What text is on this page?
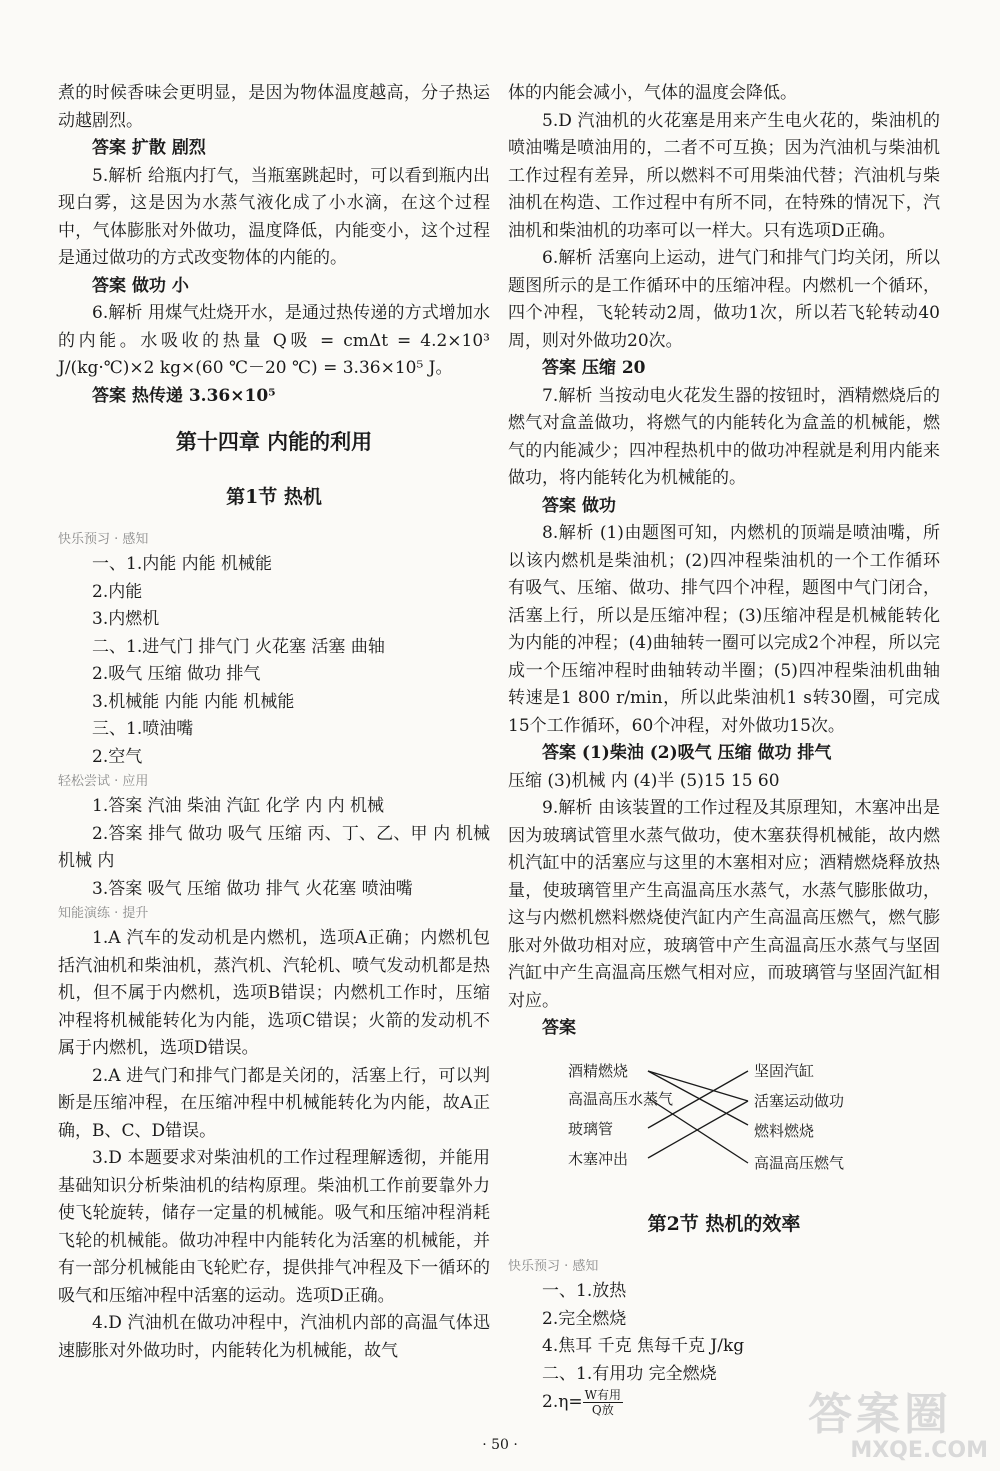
煮的时候香味会更明显，是因为物体温度越高，分子热运动越剧烈。

答案 扩散 剧烈

5.解析 给瓶内打气，当瓶塞跳起时，可以看到瓶内出现白雾，这是因为水蒸气液化成了小水滴，在这个过程中，气体膨胀对外做功，温度降低，内能变小，这个过程是通过做功的方式改变物体的内能的。

答案 做功 小

6.解析 用煤气灶烧开水，是通过热传递的方式增加水的内能。水吸收的热量 Q吸 = cmΔt = 4.2×10³ J/(kg·℃)×2 kg×(60 ℃－20 ℃) = 3.36×10⁵ J。

答案 热传递 3.36×10⁵

第十四章 内能的利用
第1节 热机

快乐预习 · 感知

一、1.内能 内能 机械能

2.内能

3.内燃机

二、1.进气门 排气门 火花塞 活塞 曲轴

2.吸气 压缩 做功 排气

3.机械能 内能 内能 机械能

三、1.喷油嘴

2.空气

轻松尝试 · 应用

1.答案 汽油 柴油 汽缸 化学 内 内 机械

2.答案 排气 做功 吸气 压缩 丙、丁、乙、甲 内 机械 机械 内

3.答案 吸气 压缩 做功 排气 火花塞 喷油嘴

知能演练 · 提升

1.A 汽车的发动机是内燃机，选项A正确；内燃机包括汽油机和柴油机，蒸汽机、汽轮机、喷气发动机都是热机，但不属于内燃机，选项B错误；内燃机工作时，压缩冲程将机械能转化为内能，选项C错误；火箭的发动机不属于内燃机，选项D错误。

2.A 进气门和排气门都是关闭的，活塞上行，可以判断是压缩冲程，在压缩冲程中机械能转化为内能，故A正确，B、C、D错误。

3.D 本题要求对柴油机的工作过程理解透彻，并能用基础知识分析柴油机的结构原理。柴油机工作前要靠外力使飞轮旋转，储存一定量的机械能。吸气和压缩冲程消耗飞轮的机械能。做功冲程中内能转化为活塞的机械能，并有一部分机械能由飞轮贮存，提供排气冲程及下一循环的吸气和压缩冲程中活塞的运动。选项D正确。

4.D 汽油机在做功冲程中，汽油机内部的高温气体迅速膨胀对外做功时，内能转化为机械能，故气

体的内能会减小，气体的温度会降低。

5.D 汽油机的火花塞是用来产生电火花的，柴油机的喷油嘴是喷油用的，二者不可互换；因为汽油机与柴油机工作过程有差异，所以燃料不可用柴油代替；汽油机与柴油机在构造、工作过程中有所不同，在特殊的情况下，汽油机和柴油机的功率可以一样大。只有选项D正确。

6.解析 活塞向上运动，进气门和排气门均关闭，所以题图所示的是工作循环中的压缩冲程。内燃机一个循环，四个冲程，飞轮转动2周，做功1次，所以若飞轮转动40周，则对外做功20次。

答案 压缩 20

7.解析 当按动电火花发生器的按钮时，酒精燃烧后的燃气对盒盖做功，将燃气的内能转化为盒盖的机械能，燃气的内能减少；四冲程热机中的做功冲程就是利用内能来做功，将内能转化为机械能的。

答案 做功

8.解析 (1)由题图可知，内燃机的顶端是喷油嘴，所以该内燃机是柴油机；(2)四冲程柴油机的一个工作循环有吸气、压缩、做功、排气四个冲程，题图中气门闭合，活塞上行，所以是压缩冲程；(3)压缩冲程是机械能转化为内能的冲程；(4)曲轴转一圈可以完成2个冲程，所以完成一个压缩冲程时曲轴转动半圈；(5)四冲程柴油机曲轴转速是1 800 r/min，所以此柴油机1 s转30圈，可完成15个工作循环，60个冲程，对外做功15次。

答案 (1)柴油 (2)吸气 压缩 做功 排气

压缩 (3)机械 内 (4)半 (5)15 15 60

9.解析 由该装置的工作过程及其原理知，木塞冲出是因为玻璃试管里水蒸气做功，使木塞获得机械能，故内燃机汽缸中的活塞应与这里的木塞相对应；酒精燃烧释放热量，使玻璃管里产生高温高压水蒸气，水蒸气膨胀做功，这与内燃机燃料燃烧使汽缸内产生高温高压燃气，燃气膨胀对外做功相对应，玻璃管中产生高温高压水蒸气与坚固汽缸中产生高温高压燃气相对应，而玻璃管与坚固汽缸相对应。

答案

酒精燃烧
高温高压水蒸气
玻璃管
木塞冲出
坚固汽缸
活塞运动做功
燃料燃烧
高温高压燃气
第2节 热机的效率

快乐预习 · 感知

一、1.放热

2.完全燃烧

4.焦耳 千克 焦每千克 J/kg

二、1.有用功 完全燃烧

$2.\eta= \frac{\text{W有用}}{\text{Q放}}$

· 50 ·
答案圈
MXQE.COM
